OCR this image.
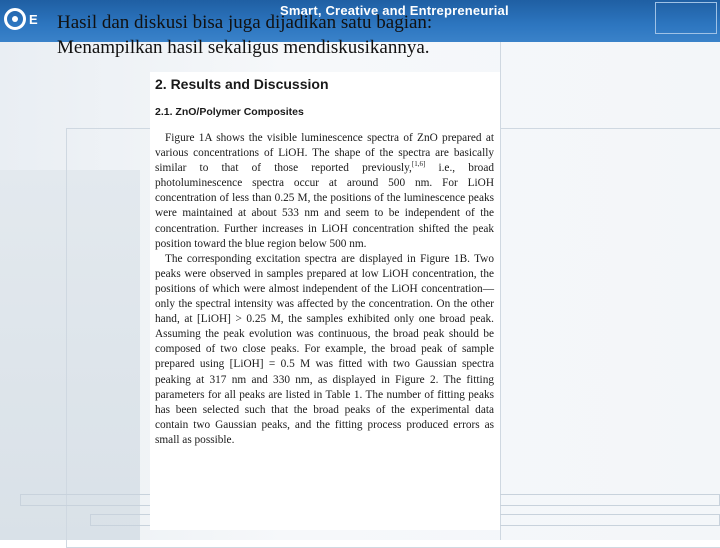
E
Smart, Creative and Entrepreneurial
Hasil dan diskusi bisa juga dijadikan satu bagian:
Menampilkan hasil sekaligus mendiskusikannya.
2. Results and Discussion
2.1. ZnO/Polymer Composites

Figure 1A shows the visible luminescence spectra of ZnO prepared at various concentrations of LiOH. The shape of the spectra are basically similar to that of those reported previously,[1,6] i.e., broad photoluminescence spectra occur at around 500 nm. For LiOH concentration of less than 0.25 M, the positions of the luminescence peaks were maintained at about 533 nm and seem to be independent of the concentration. Further increases in LiOH concentration shifted the peak position toward the blue region below 500 nm.

The corresponding excitation spectra are displayed in Figure 1B. Two peaks were observed in samples prepared at low LiOH concentration, the positions of which were almost independent of the LiOH concentration—only the spectral intensity was affected by the concentration. On the other hand, at [LiOH] > 0.25 M, the samples exhibited only one broad peak. Assuming the peak evolution was continuous, the broad peak should be composed of two close peaks. For example, the broad peak of sample prepared using [LiOH] = 0.5 M was fitted with two Gaussian spectra peaking at 317 nm and 330 nm, as displayed in Figure 2. The fitting parameters for all peaks are listed in Table 1. The number of fitting peaks has been selected such that the broad peaks of the experimental data contain two Gaussian peaks, and the fitting process produced errors as small as possible.
